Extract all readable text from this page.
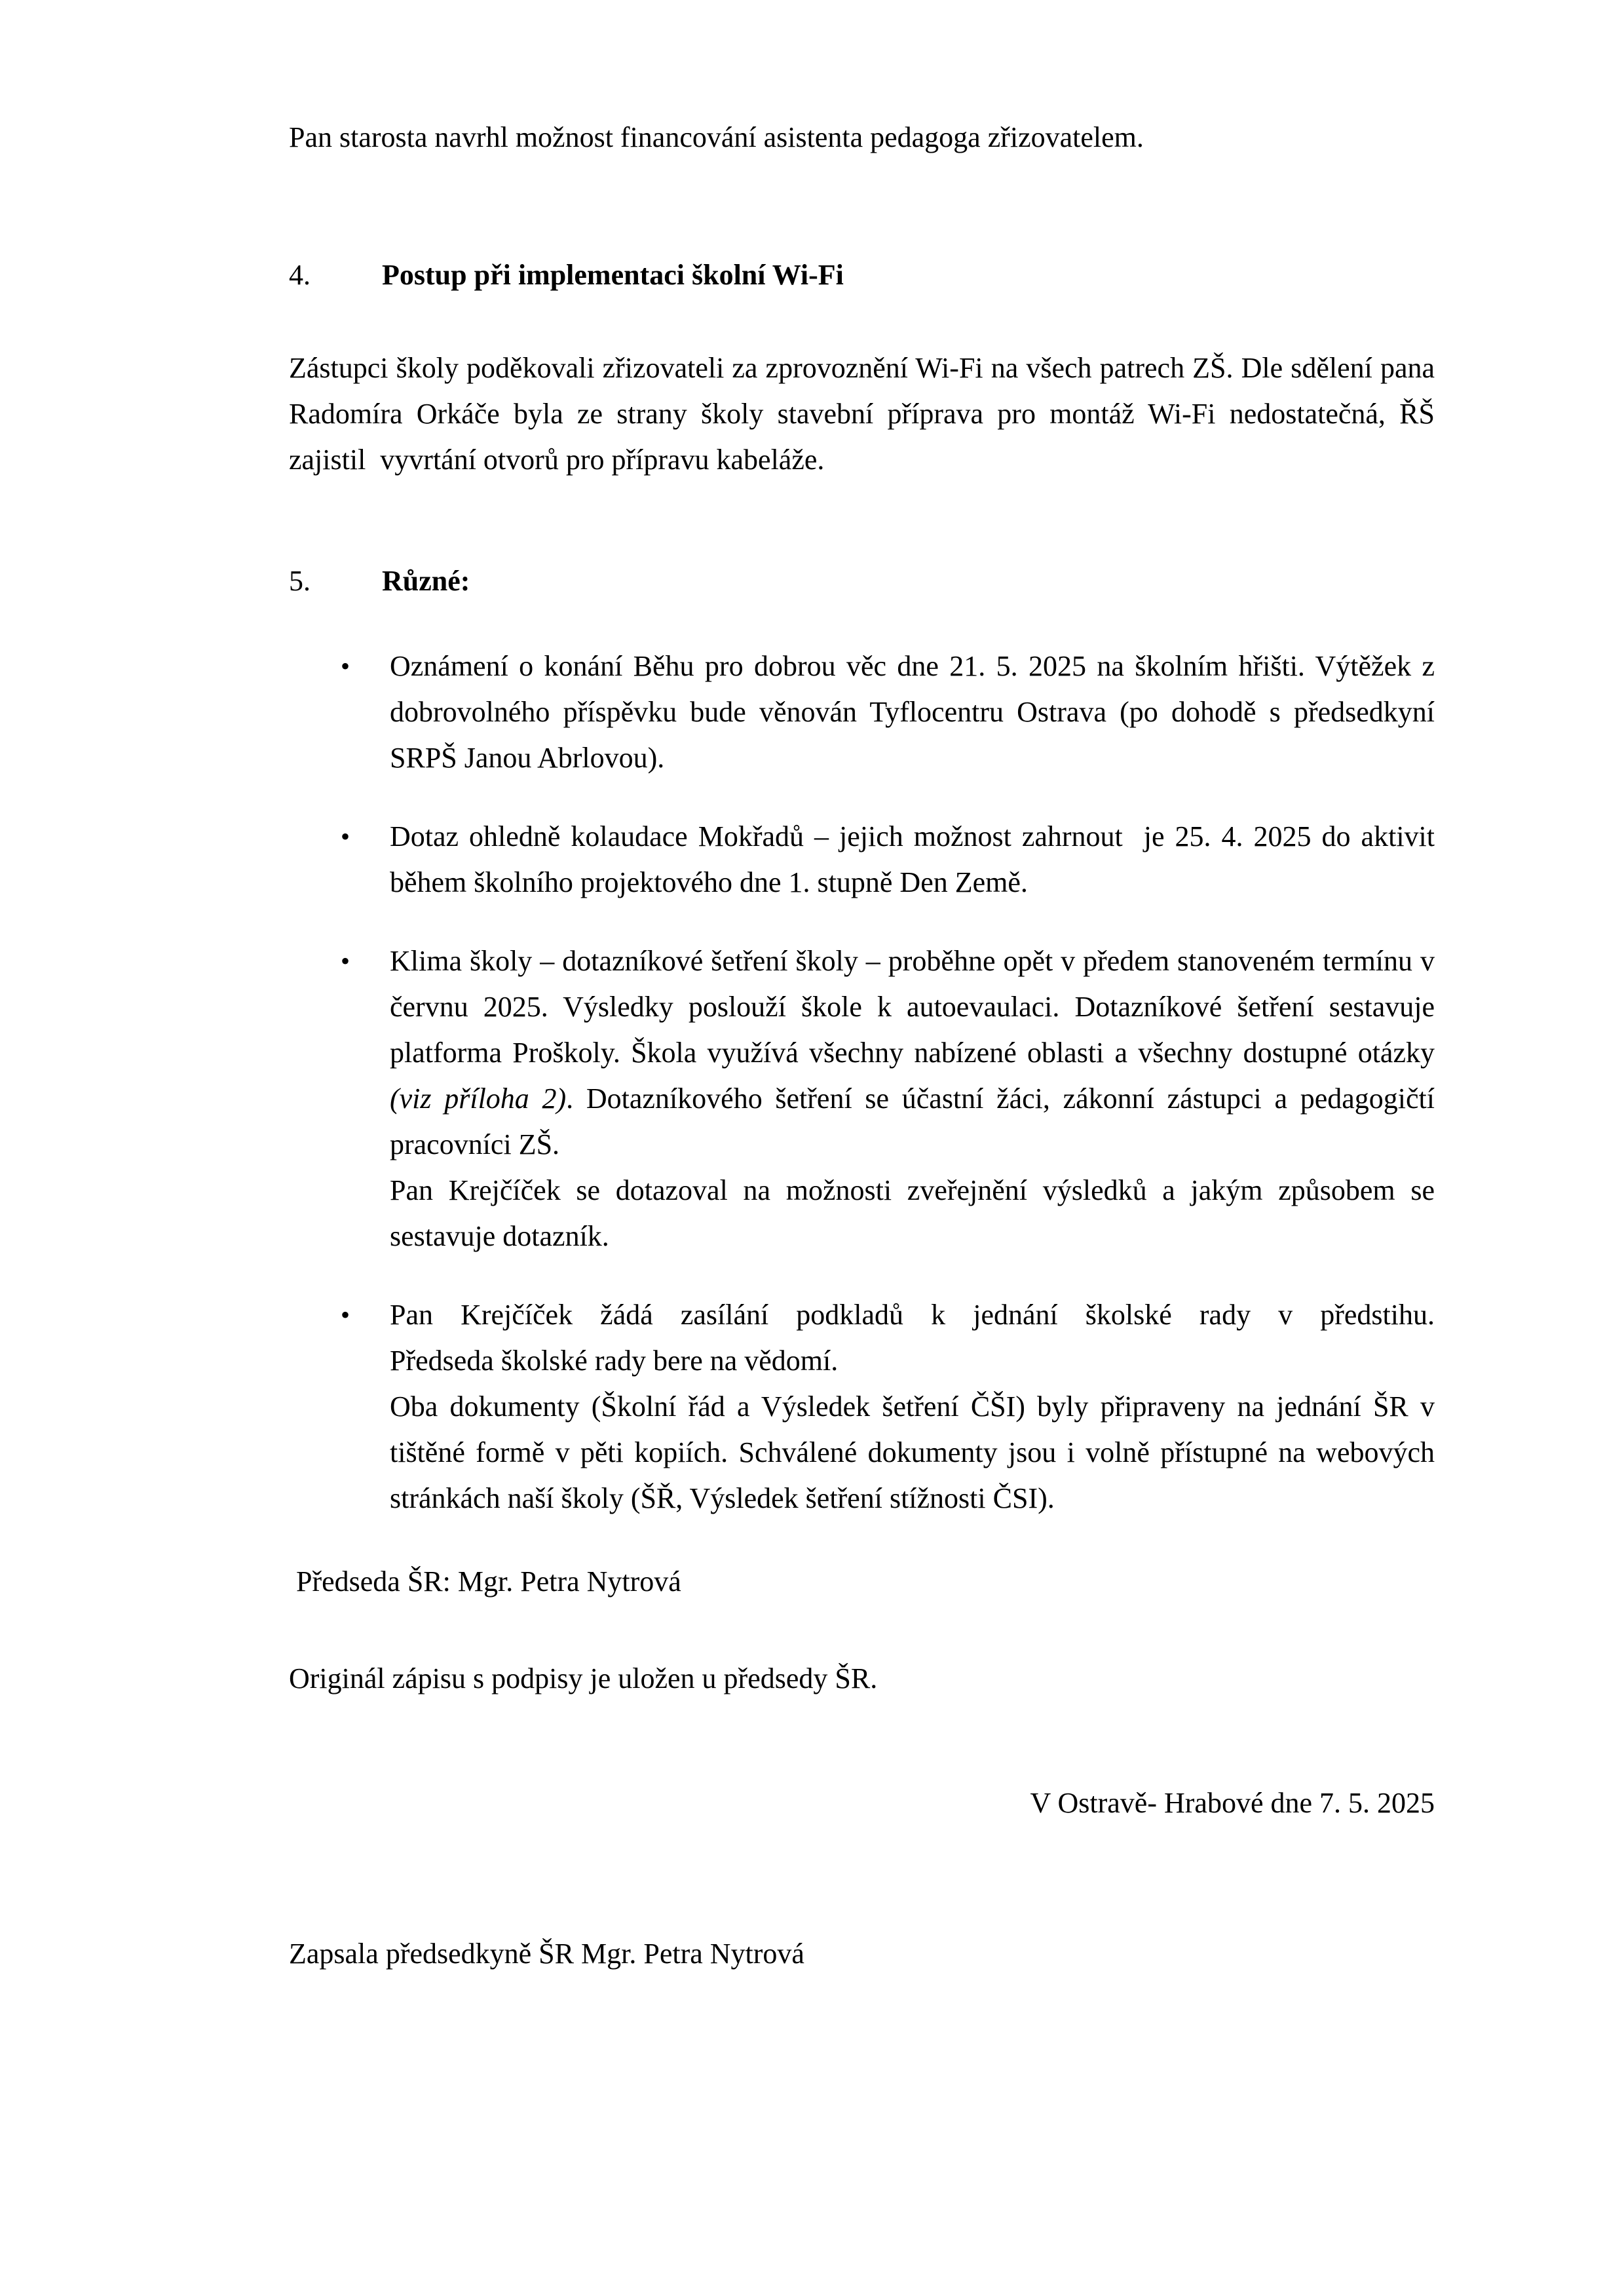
Pan starosta navrhl možnost financování asistenta pedagoga zřizovatelem.

4. Postup při implementaci školní Wi-Fi

Zástupci školy poděkovali zřizovateli za zprovoznění Wi-Fi na všech patrech ZŠ. Dle sdělení pana Radomíra Orkáče byla ze strany školy stavební příprava pro montáž Wi-Fi nedostatečná, ŘŠ zajistil  vyvrtání otvorů pro přípravu kabeláže.

5. Různé:
• Oznámení o konání Běhu pro dobrou věc dne 21. 5. 2025 na školním hřišti. Výtěžek z dobrovolného příspěvku bude věnován Tyflocentru Ostrava (po dohodě s předsedkyní SRPŠ Janou Abrlovou).
• Dotaz ohledně kolaudace Mokřadů – jejich možnost zahrnout  je 25. 4. 2025 do aktivit během školního projektového dne 1. stupně Den Země.
• Klima školy – dotazníkové šetření školy – proběhne opět v předem stanoveném termínu v červnu 2025. Výsledky poslouží škole k autoevaulaci. Dotazníkové šetření sestavuje platforma Proškoly. Škola využívá všechny nabízené oblasti a všechny dostupné otázky (viz příloha 2). Dotazníkového šetření se účastní žáci, zákonní zástupci a pedagogičtí pracovníci ZŠ.
Pan Krejčíček se dotazoval na možnosti zveřejnění výsledků a jakým způsobem se sestavuje dotazník.
• Pan Krejčíček žádá zasílání podkladů k jednání školské rady v předstihu.
Předseda školské rady bere na vědomí.
Oba dokumenty (Školní řád a Výsledek šetření ČŠI) byly připraveny na jednání ŠR v tištěné formě v pěti kopiích. Schválené dokumenty jsou i volně přístupné na webových stránkách naší školy (ŠŘ, Výsledek šetření stížnosti ČSI).

Předseda ŠR: Mgr. Petra Nytrová

Originál zápisu s podpisy je uložen u předsedy ŠR.

V Ostravě- Hrabové dne 7. 5. 2025

Zapsala předsedkyně ŠR Mgr. Petra Nytrová
